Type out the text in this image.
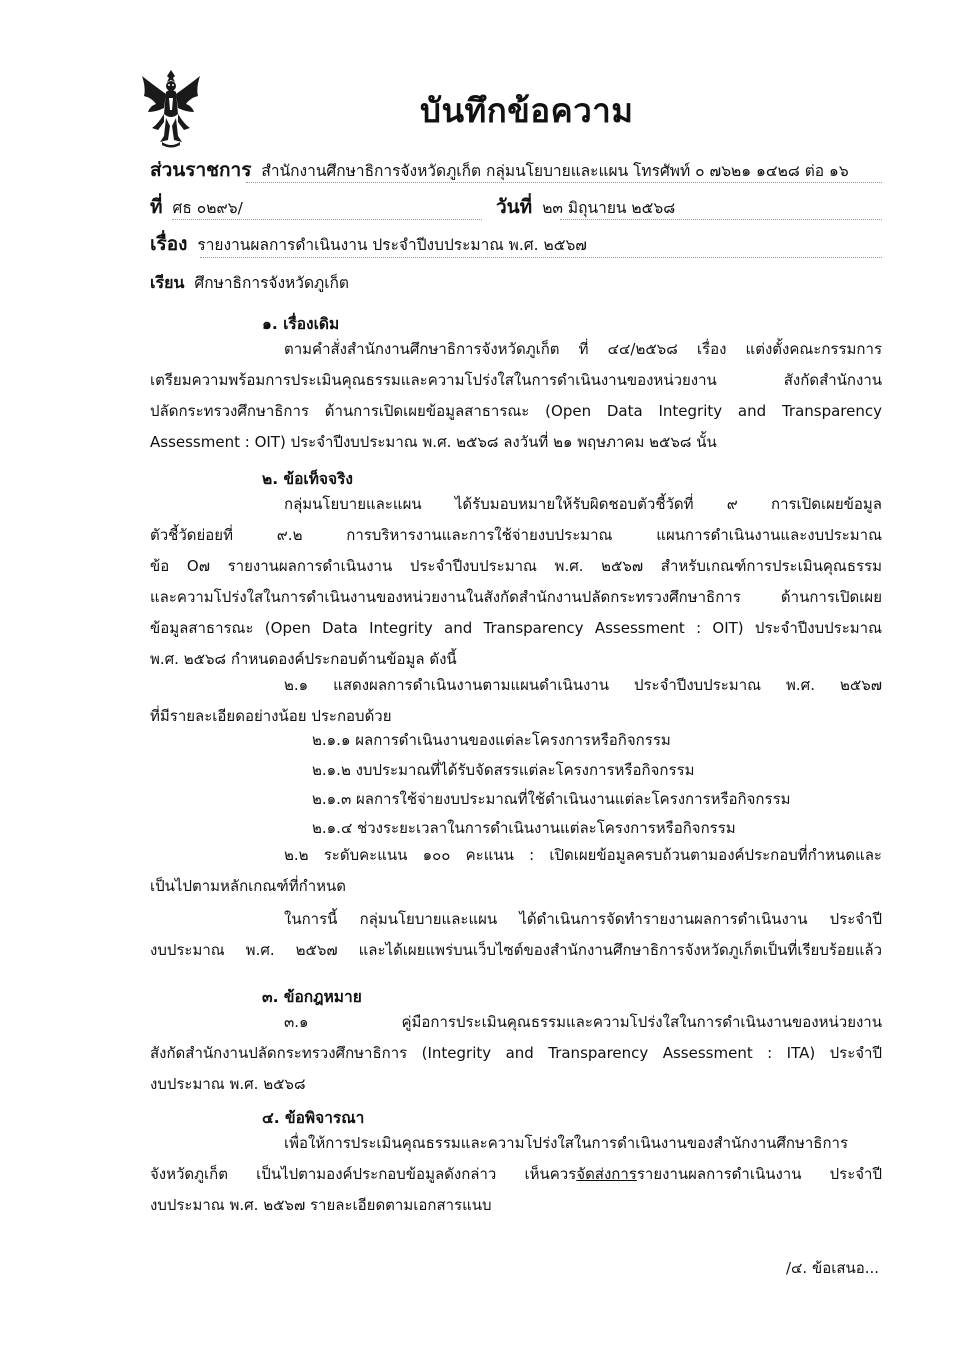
บันทึกข้อความ
ส่วนราชการ สำนักงานศึกษาธิการจังหวัดภูเก็ต กลุ่มนโยบายและแผน โทรศัพท์ ๐ ๗๖๒๑ ๑๔๒๘ ต่อ ๑๖
ที่ ศธ ๐๒๙๖/	วันที่ ๒๓ มิถุนายน ๒๕๖๘
เรื่อง รายงานผลการดำเนินงาน ประจำปีงบประมาณ พ.ศ. ๒๕๖๗
เรียน ศึกษาธิการจังหวัดภูเก็ต
๑. เรื่องเดิม
ตามคำสั่งสำนักงานศึกษาธิการจังหวัดภูเก็ต ที่ ๔๔/๒๕๖๘ เรื่อง แต่งตั้งคณะกรรมการ
เตรียมความพร้อมการประเมินคุณธรรมและความโปร่งใสในการดำเนินงานของหน่วยงาน สังกัดสำนักงาน
ปลัดกระทรวงศึกษาธิการ ด้านการเปิดเผยข้อมูลสาธารณะ (Open Data Integrity and Transparency
Assessment : OIT) ประจำปีงบประมาณ พ.ศ. ๒๕๖๘ ลงวันที่ ๒๑ พฤษภาคม ๒๕๖๘ นั้น
๒. ข้อเท็จจริง
กลุ่มนโยบายและแผน ได้รับมอบหมายให้รับผิดชอบตัวชี้วัดที่ ๙ การเปิดเผยข้อมูล
ตัวชี้วัดย่อยที่ ๙.๒ การบริหารงานและการใช้จ่ายงบประมาณ แผนการดำเนินงานและงบประมาณ
ข้อ O๗ รายงานผลการดำเนินงาน ประจำปีงบประมาณ พ.ศ. ๒๕๖๗ สำหรับเกณฑ์การประเมินคุณธรรม
และความโปร่งใสในการดำเนินงานของหน่วยงานในสังกัดสำนักงานปลัดกระทรวงศึกษาธิการ ด้านการเปิดเผย
ข้อมูลสาธารณะ (Open Data Integrity and Transparency Assessment : OIT) ประจำปีงบประมาณ
พ.ศ. ๒๕๖๘ กำหนดองค์ประกอบด้านข้อมูล ดังนี้
๒.๑ แสดงผลการดำเนินงานตามแผนดำเนินงาน ประจำปีงบประมาณ พ.ศ. ๒๕๖๗
ที่มีรายละเอียดอย่างน้อย ประกอบด้วย
๒.๑.๑ ผลการดำเนินงานของแต่ละโครงการหรือกิจกรรม
๒.๑.๒ งบประมาณที่ได้รับจัดสรรแต่ละโครงการหรือกิจกรรม
๒.๑.๓ ผลการใช้จ่ายงบประมาณที่ใช้ดำเนินงานแต่ละโครงการหรือกิจกรรม
๒.๑.๔ ช่วงระยะเวลาในการดำเนินงานแต่ละโครงการหรือกิจกรรม
๒.๒ ระดับคะแนน ๑๐๐ คะแนน : เปิดเผยข้อมูลครบถ้วนตามองค์ประกอบที่กำหนดและ
เป็นไปตามหลักเกณฑ์ที่กำหนด
ในการนี้ กลุ่มนโยบายและแผน ได้ดำเนินการจัดทำรายงานผลการดำเนินงาน ประจำปี
งบประมาณ พ.ศ. ๒๕๖๗ และได้เผยแพร่บนเว็บไซต์ของสำนักงานศึกษาธิการจังหวัดภูเก็ตเป็นที่เรียบร้อยแล้ว
๓. ข้อกฎหมาย
๓.๑ คู่มือการประเมินคุณธรรมและความโปร่งใสในการดำเนินงานของหน่วยงาน
สังกัดสำนักงานปลัดกระทรวงศึกษาธิการ (Integrity and Transparency Assessment : ITA) ประจำปี
งบประมาณ พ.ศ. ๒๕๖๘
๔. ข้อพิจารณา
เพื่อให้การประเมินคุณธรรมและความโปร่งใสในการดำเนินงานของสำนักงานศึกษาธิการ
จังหวัดภูเก็ต เป็นไปตามองค์ประกอบข้อมูลดังกล่าว เห็นควรจัดส่งการรายงานผลการดำเนินงาน ประจำปี
งบประมาณ พ.ศ. ๒๕๖๗ รายละเอียดตามเอกสารแนบ
/๔. ข้อเสนอ...
